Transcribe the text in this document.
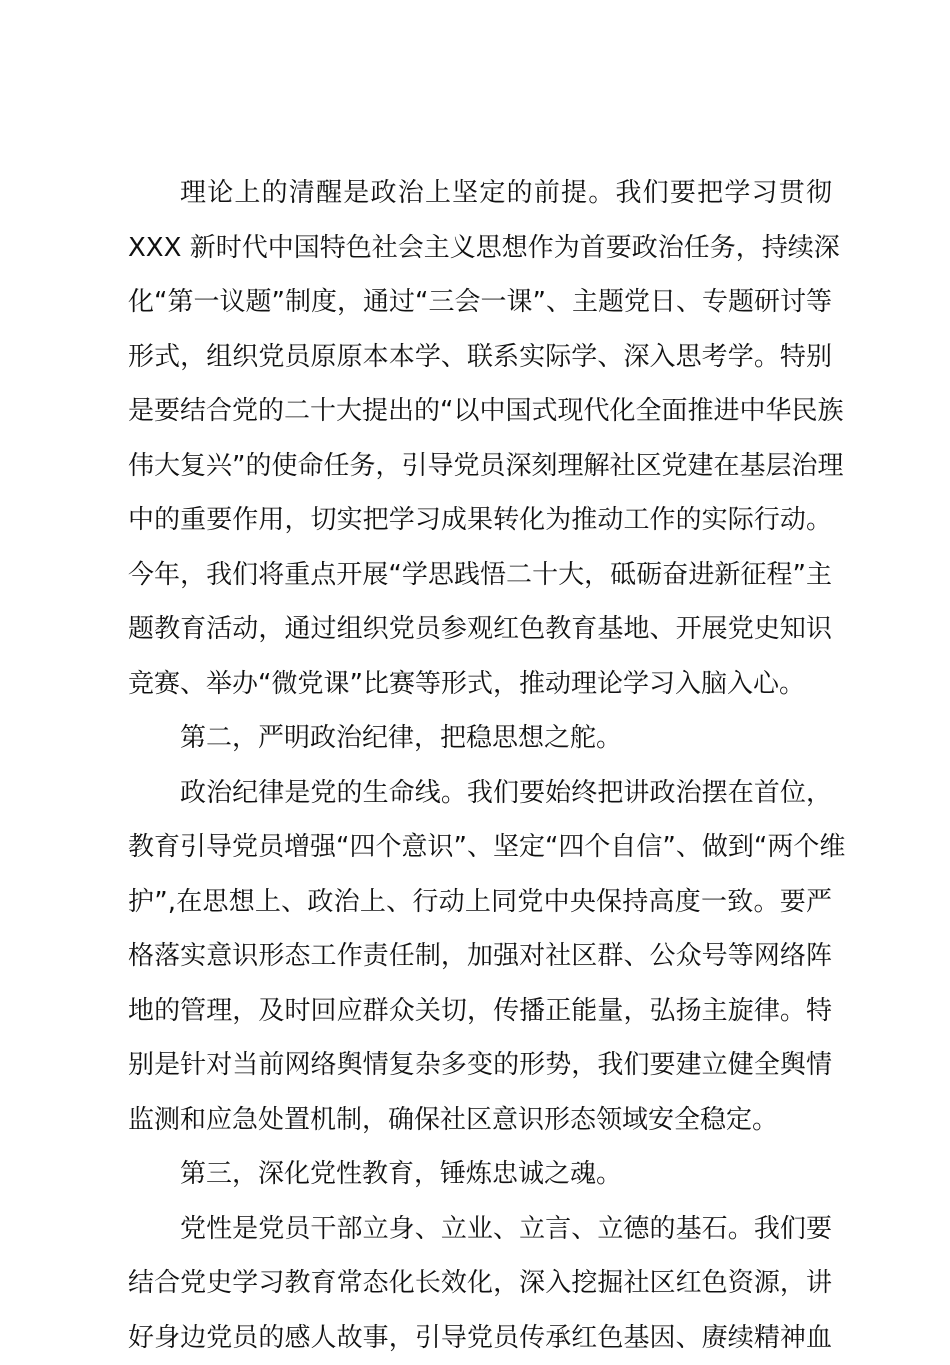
理论上的清醒是政治上坚定的前提。我们要把学习贯彻
XXX 新时代中国特色社会主义思想作为首要政治任务，持续深
化“第一议题”制度，通过“三会一课”、主题党日、专题研讨等
形式，组织党员原原本本学、联系实际学、深入思考学。特别
是要结合党的二十大提出的“以中国式现代化全面推进中华民族
伟大复兴”的使命任务，引导党员深刻理解社区党建在基层治理
中的重要作用，切实把学习成果转化为推动工作的实际行动。
今年，我们将重点开展“学思践悟二十大，砥砺奋进新征程”主
题教育活动，通过组织党员参观红色教育基地、开展党史知识
竞赛、举办“微党课”比赛等形式，推动理论学习入脑入心。
第二，严明政治纪律，把稳思想之舵。
政治纪律是党的生命线。我们要始终把讲政治摆在首位，
教育引导党员增强“四个意识”、坚定“四个自信”、做到“两个维
护”,在思想上、政治上、行动上同党中央保持高度一致。要严
格落实意识形态工作责任制，加强对社区群、公众号等网络阵
地的管理，及时回应群众关切，传播正能量，弘扬主旋律。特
别是针对当前网络舆情复杂多变的形势，我们要建立健全舆情
监测和应急处置机制，确保社区意识形态领域安全稳定。
第三，深化党性教育，锤炼忠诚之魂。
党性是党员干部立身、立业、立言、立德的基石。我们要
结合党史学习教育常态化长效化，深入挖掘社区红色资源，讲
好身边党员的感人故事，引导党员传承红色基因、赓续精神血
